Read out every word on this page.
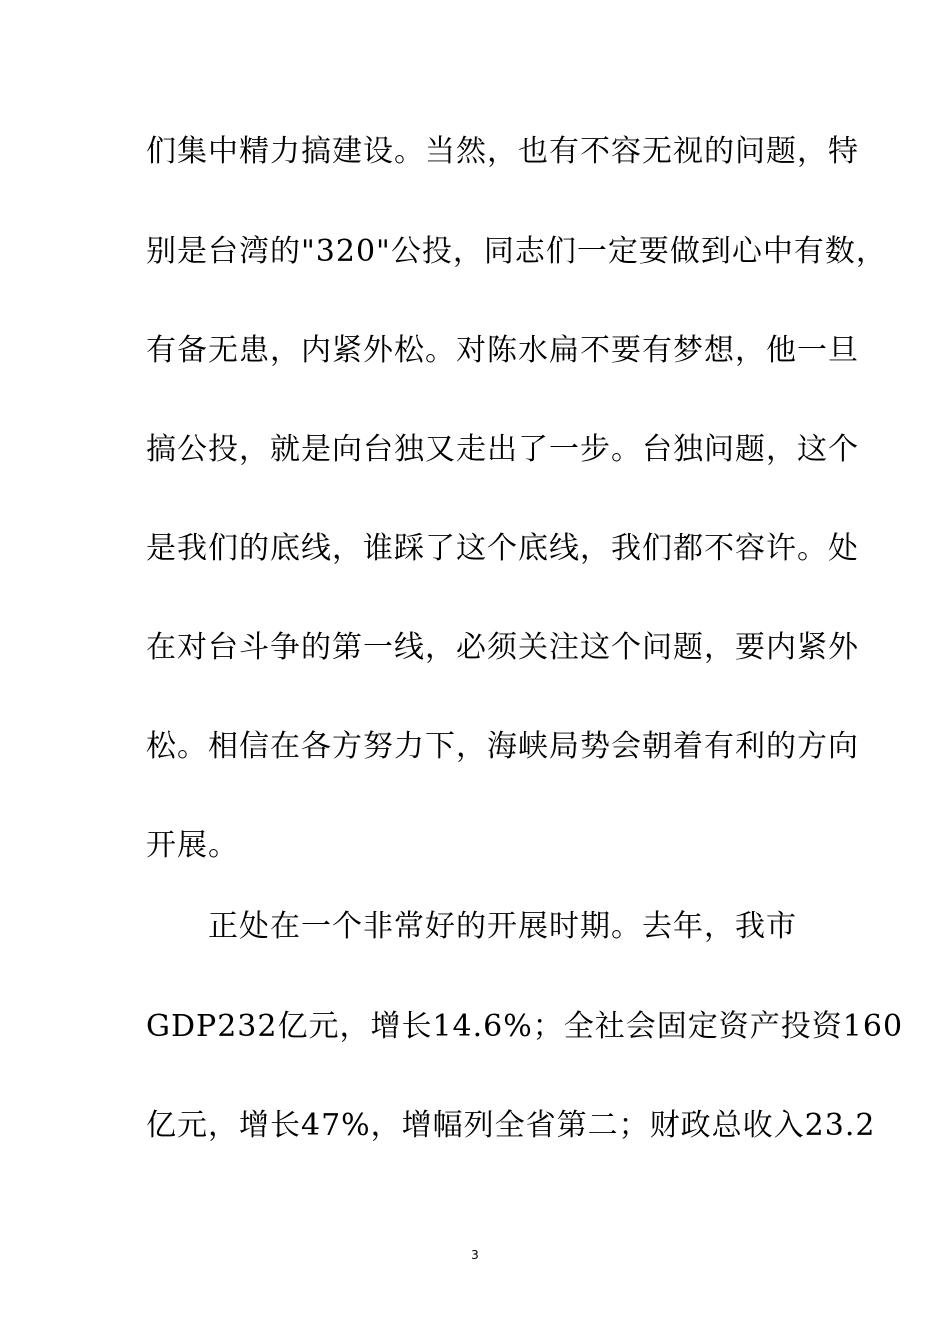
们集中精力搞建设。当然，也有不容无视的问题，特
别是台湾的"320"公投，同志们一定要做到心中有数，
有备无患，内紧外松。对陈水扁不要有梦想，他一旦
搞公投，就是向台独又走出了一步。台独问题，这个
是我们的底线，谁踩了这个底线，我们都不容许。处
在对台斗争的第一线，必须关注这个问题，要内紧外
松。相信在各方努力下，海峡局势会朝着有利的方向
开展。
　　正处在一个非常好的开展时期。去年，我市
GDP232亿元，增长14.6%；全社会固定资产投资160
亿元，增长47%，增幅列全省第二；财政总收入23.2
3
